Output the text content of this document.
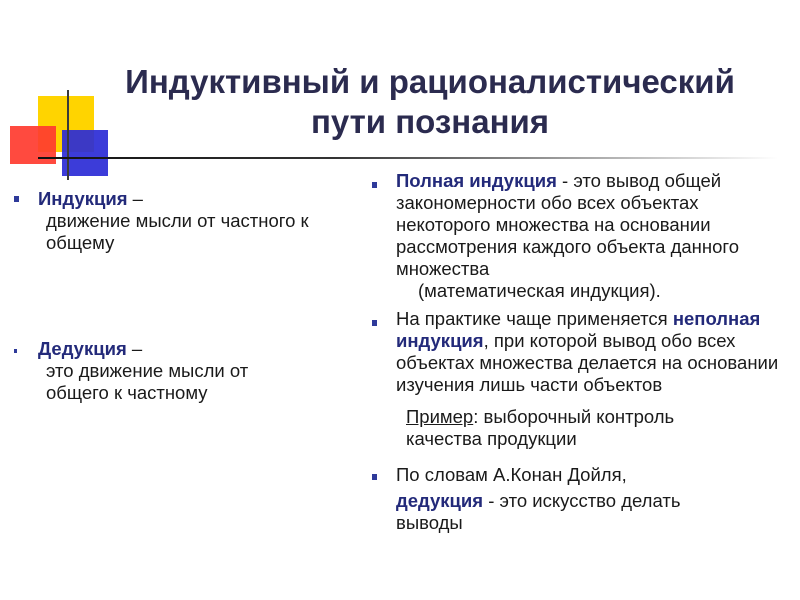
Индуктивный и рационалистический
пути познания
Индукция –
движение мысли от частного к общему
Дедукция –
это движение мысли от общего к частному
Полная индукция - это вывод общей закономерности обо всех объектах некоторого множества на основании рассмотрения каждого объекта данного множества
(математическая индукция).
На практике чаще применяется неполная индукция, при которой вывод обо всех объектах множества делается на основании изучения лишь части объектов
Пример: выборочный контроль качества продукции
По словам А.Конан Дойля,
дедукция - это искусство делать выводы
